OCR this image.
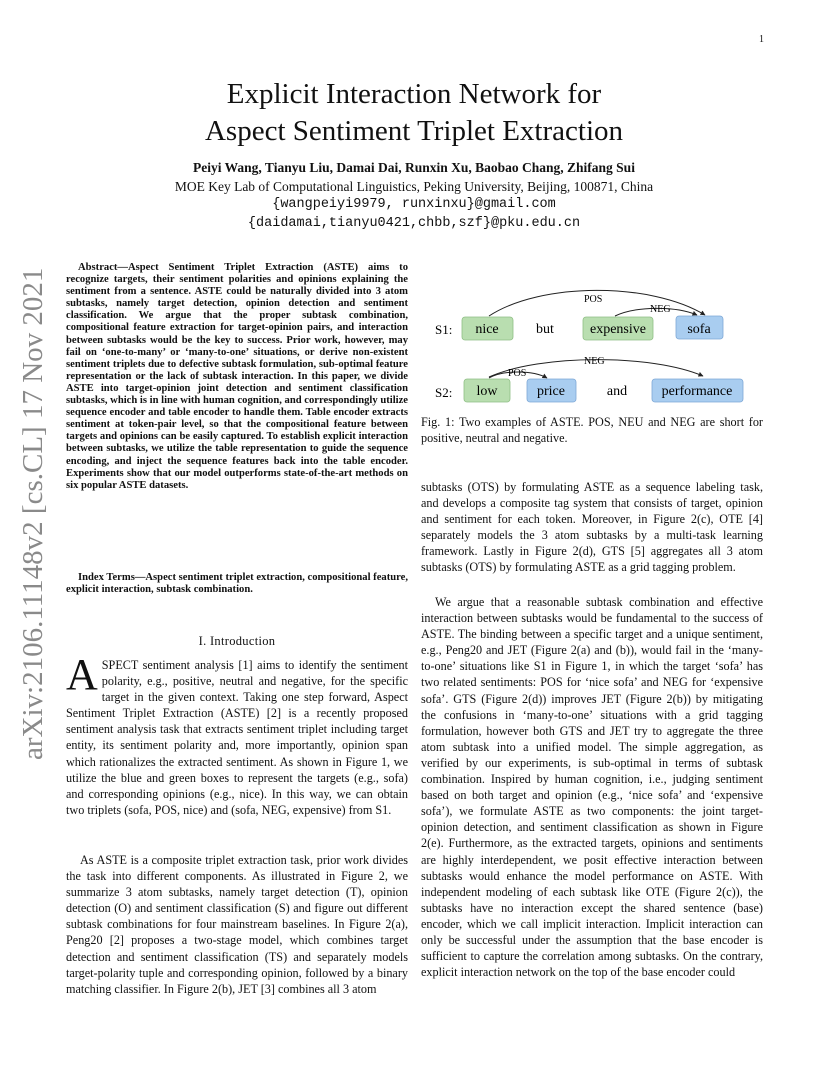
1
Explicit Interaction Network for
Aspect Sentiment Triplet Extraction
Peiyi Wang, Tianyu Liu, Damai Dai, Runxin Xu, Baobao Chang, Zhifang Sui
MOE Key Lab of Computational Linguistics, Peking University, Beijing, 100871, China
{wangpeiyi9979, runxinxu}@gmail.com
{daidamai,tianyu0421,chbb,szf}@pku.edu.cn
arXiv:2106.11148v2 [cs.CL] 17 Nov 2021
Abstract—Aspect Sentiment Triplet Extraction (ASTE) aims to recognize targets, their sentiment polarities and opinions explaining the sentiment from a sentence. ASTE could be naturally divided into 3 atom subtasks, namely target detection, opinion detection and sentiment classification. We argue that the proper subtask combination, compositional feature extraction for target-opinion pairs, and interaction between subtasks would be the key to success. Prior work, however, may fail on ‘one-to-many’ or ‘many-to-one’ situations, or derive non-existent sentiment triplets due to defective subtask formulation, sub-optimal feature representation or the lack of subtask interaction. In this paper, we divide ASTE into target-opinion joint detection and sentiment classification subtasks, which is in line with human cognition, and correspondingly utilize sequence encoder and table encoder to handle them. Table encoder extracts sentiment at token-pair level, so that the compositional feature between targets and opinions can be easily captured. To establish explicit interaction between subtasks, we utilize the table representation to guide the sequence encoding, and inject the sequence features back into the table encoder. Experiments show that our model outperforms state-of-the-art methods on six popular ASTE datasets.
Index Terms—Aspect sentiment triplet extraction, compositional feature, explicit interaction, subtask combination.
I. Introduction
ASPECT sentiment analysis [1] aims to identify the sentiment polarity, e.g., positive, neutral and negative, for the specific target in the given context. Taking one step forward, Aspect Sentiment Triplet Extraction (ASTE) [2] is a recently proposed sentiment analysis task that extracts sentiment triplet including target entity, its sentiment polarity and, more importantly, opinion span which rationalizes the extracted sentiment. As shown in Figure 1, we utilize the blue and green boxes to represent the targets (e.g., sofa) and corresponding opinions (e.g., nice). In this way, we can obtain two triplets (sofa, POS, nice) and (sofa, NEG, expensive) from S1.
As ASTE is a composite triplet extraction task, prior work divides the task into different components. As illustrated in Figure 2, we summarize 3 atom subtasks, namely target detection (T), opinion detection (O) and sentiment classification (S) and figure out different subtask combinations for four mainstream baselines. In Figure 2(a), Peng20 [2] proposes a two-stage model, which combines target detection and sentiment classification (TS) and separately models target-polarity tuple and corresponding opinion, followed by a binary matching classifier. In Figure 2(b), JET [3] combines all 3 atom
S1:
POS
NEG
nice	but	expensive	sofa
S2:
NEG
POS
low	price	and performance
Fig. 1: Two examples of ASTE. POS, NEU and NEG are short for positive, neutral and negative.
subtasks (OTS) by formulating ASTE as a sequence labeling task, and develops a composite tag system that consists of target, opinion and sentiment for each token. Moreover, in Figure 2(c), OTE [4] separately models the 3 atom subtasks by a multi-task learning framework. Lastly in Figure 2(d), GTS [5] aggregates all 3 atom subtasks (OTS) by formulating ASTE as a grid tagging problem.
We argue that a reasonable subtask combination and effective interaction between subtasks would be fundamental to the success of ASTE. The binding between a specific target and a unique sentiment, e.g., Peng20 and JET (Figure 2(a) and (b)), would fail in the ‘many-to-one’ situations like S1 in Figure 1, in which the target ‘sofa’ has two related sentiments: POS for ‘nice sofa’ and NEG for ‘expensive sofa’. GTS (Figure 2(d)) improves JET (Figure 2(b)) by mitigating the confusions in ‘many-to-one’ situations with a grid tagging formulation, however both GTS and JET try to aggregate the three atom subtask into a unified model. The simple aggregation, as verified by our experiments, is sub-optimal in terms of subtask combination. Inspired by human cognition, i.e., judging sentiment based on both target and opinion (e.g., ‘nice sofa’ and ‘expensive sofa’), we formulate ASTE as two components: the joint target-opinion detection, and sentiment classification as shown in Figure 2(e). Furthermore, as the extracted targets, opinions and sentiments are highly interdependent, we posit effective interaction between subtasks would enhance the model performance on ASTE. With independent modeling of each subtask like OTE (Figure 2(c)), the subtasks have no interaction except the shared sentence (base) encoder, which we call implicit interaction. Implicit interaction can only be successful under the assumption that the base encoder is sufficient to capture the correlation among subtasks. On the contrary, explicit interaction network on the top of the base encoder could
